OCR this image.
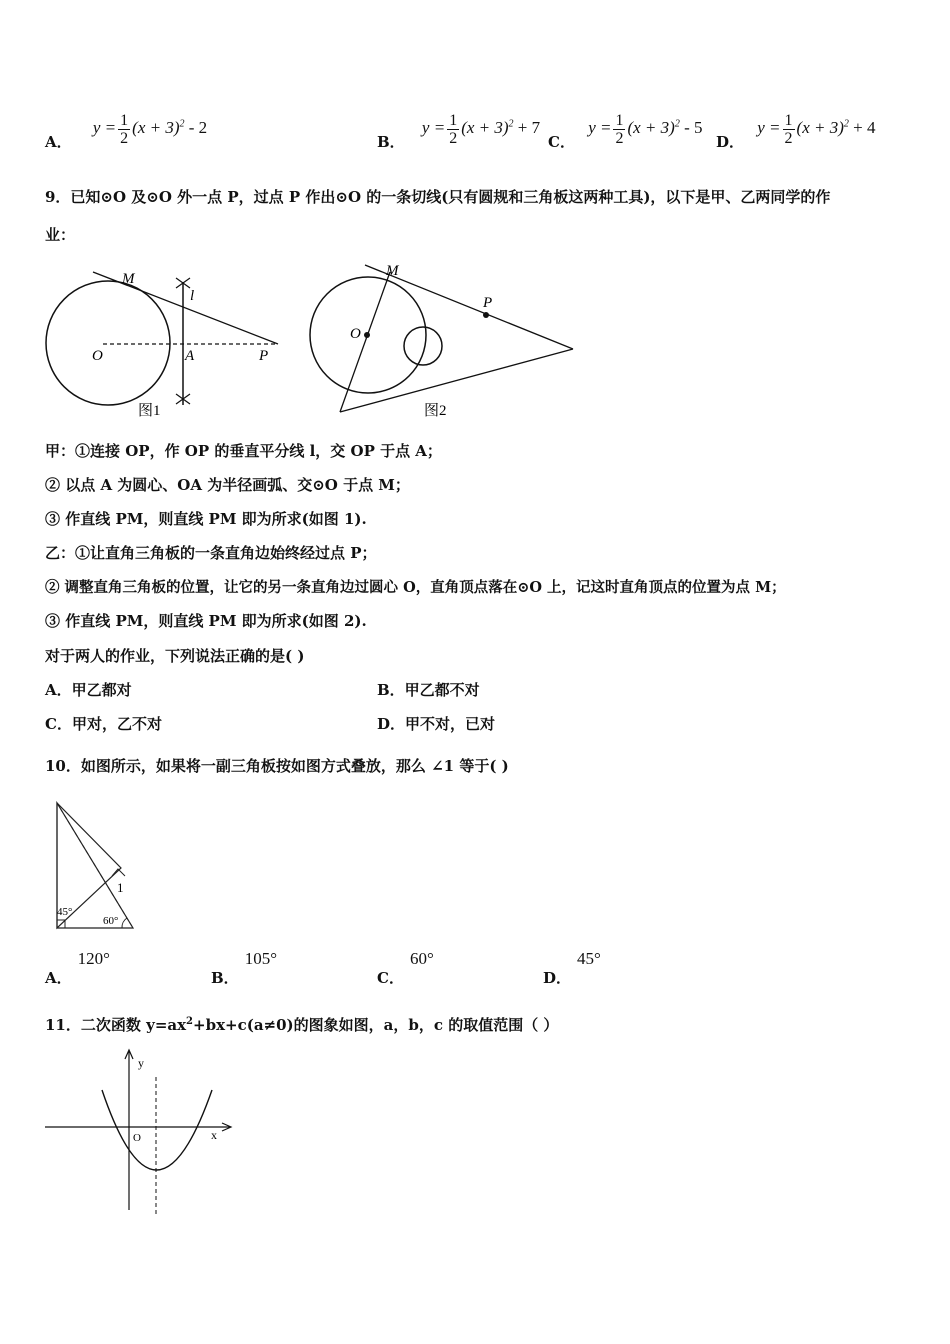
A． $y = \frac{1}{2} (x + 3)^2 - 2$
B． $y = \frac{1}{2} (x + 3)^2 + 7$
C． $y = \frac{1}{2} (x + 3)^2 - 5$
D． $y = \frac{1}{2} (x + 3)^2 + 4$
9．已知⊙O 及⊙O 外一点 P，过点 P 作出⊙O 的一条切线(只有圆规和三角板这两种工具)，以下是甲、乙两同学的作
业：
M
l
O	A	P
图1
M
O
P
图2
甲：①连接 OP，作 OP 的垂直平分线 l，交 OP 于点 A；
② 以点 A 为圆心、OA 为半径画弧、交⊙O 于点 M；
③ 作直线 PM，则直线 PM 即为所求(如图 1).
乙：①让直角三角板的一条直角边始终经过点 P；
② 调整直角三角板的位置，让它的另一条直角边过圆心 O，直角顶点落在⊙O 上，记这时直角顶点的位置为点 M；
③ 作直线 PM，则直线 PM 即为所求(如图 2).
对于两人的作业，下列说法正确的是( )
A．甲乙都对	B．甲乙都不对
C．甲对，乙不对	D．甲不对，已对
10．如图所示，如果将一副三角板按如图方式叠放，那么 ∠1 等于( )
1
45°
60°
A．120°
B．105°
C．60°
D．45°
11．二次函数 $y=ax^2+bx+c(a\ne 0)$的图象如图，a，b，c 的取值范围（ ）
y
x
O
